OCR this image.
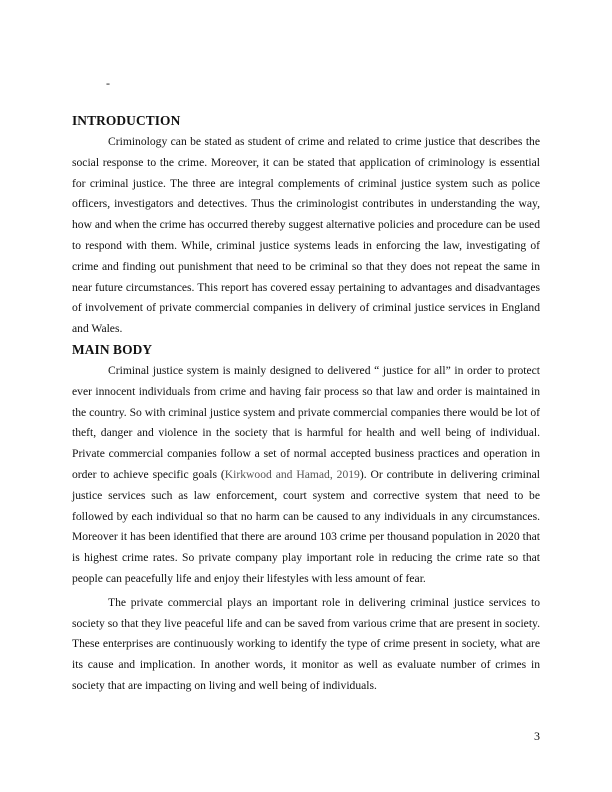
-
INTRODUCTION

Criminology can be stated as student of crime and related to crime justice that describes the social response to the crime. Moreover, it can be stated that application of criminology is essential for criminal justice. The three are integral complements of criminal justice system such as police officers, investigators and detectives. Thus the criminologist contributes in understanding the way, how and when the crime has occurred thereby suggest alternative policies and procedure can be used to respond with them. While, criminal justice systems leads in enforcing the law, investigating of crime and finding out punishment that need to be criminal so that they does not repeat the same in near future circumstances. This report has covered essay pertaining to advantages and disadvantages of involvement of private commercial companies in delivery of criminal justice services in England and Wales.

MAIN BODY

Criminal justice system is mainly designed to delivered “ justice for all” in order to protect ever innocent individuals from crime and having fair process so that law and order is maintained in the country. So with criminal justice system and private commercial companies there would be lot of theft, danger and violence in the society that is harmful for health and well being of individual. Private commercial companies follow a set of normal accepted business practices and operation in order to achieve specific goals (Kirkwood and Hamad, 2019). Or contribute in delivering criminal justice services such as law enforcement, court system and corrective system that need to be followed by each individual so that no harm can be caused to any individuals in any circumstances. Moreover it has been identified that there are around 103 crime per thousand population in 2020 that is highest crime rates. So private company play important role in reducing the crime rate so that people can peacefully life and enjoy their lifestyles with less amount of fear.

The private commercial plays an important role in delivering criminal justice services to society so that they live peaceful life and can be saved from various crime that are present in society. These enterprises are continuously working to identify the type of crime present in society, what are its cause and implication. In another words, it monitor as well as evaluate number of crimes in society that are impacting on living and well being of individuals.

3
